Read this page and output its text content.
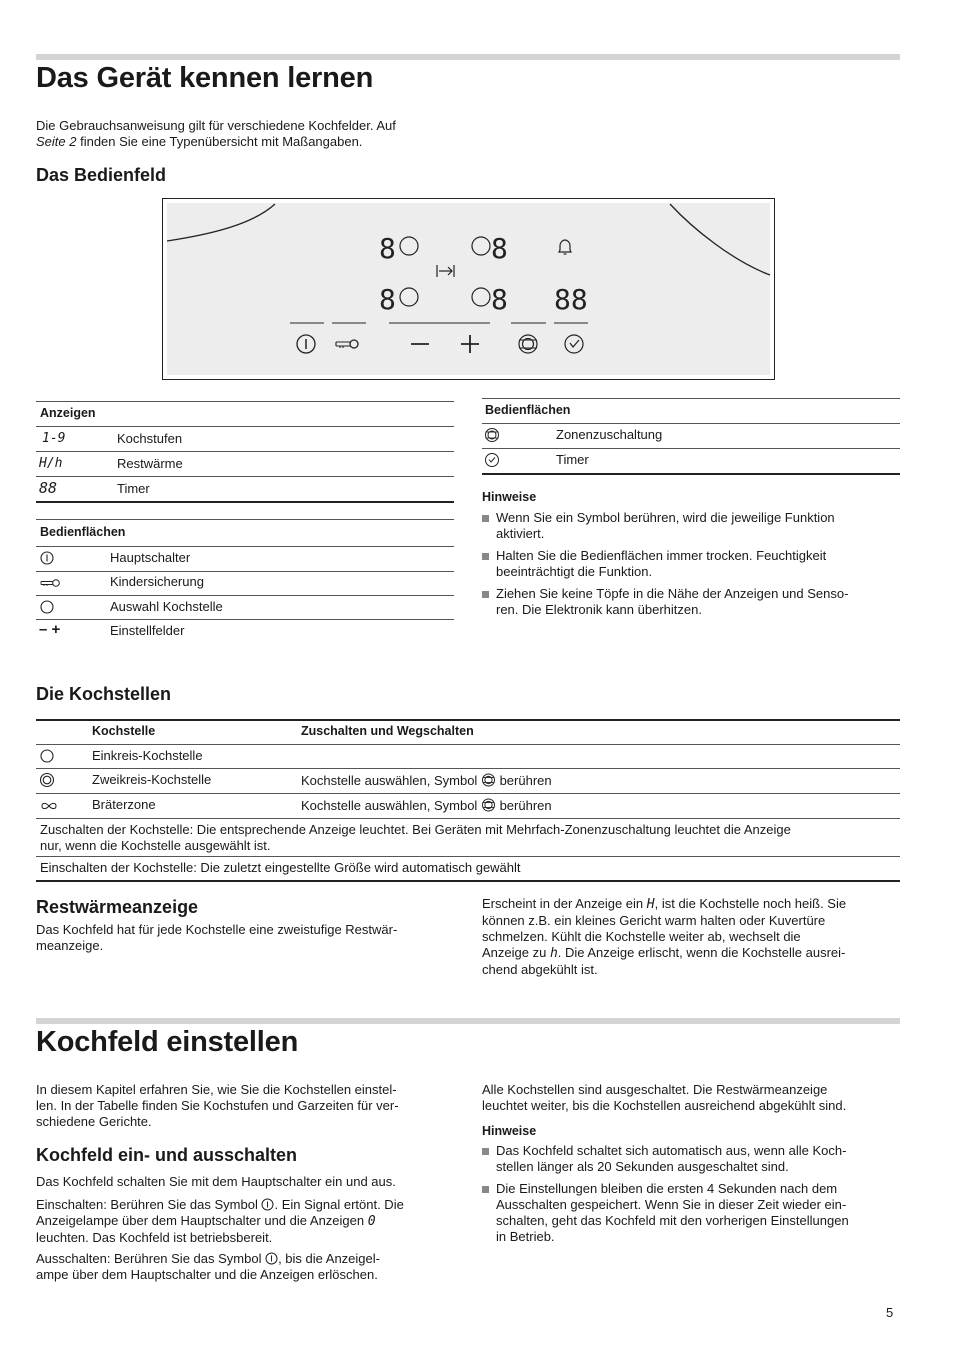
Das Gerät kennen lernen
Die Gebrauchsanweisung gilt für verschiedene Kochfelder. Auf
Seite 2 finden Sie eine Typenübersicht mit Maßangaben.
Das Bedienfeld
8	8
8	8 88
Anzeigen
1-9	Kochstufen
H/h	Restwärme
88	Timer
Bedienflächen
Hauptschalter
Kindersicherung
Auswahl Kochstelle
– +	Einstellfelder
Bedienflächen
Zonenzuschaltung
Timer
Hinweise
Wenn Sie ein Symbol berühren, wird die jeweilige Funktion
aktiviert.
Halten Sie die Bedienflächen immer trocken. Feuchtigkeit
beeinträchtigt die Funktion.
Ziehen Sie keine Töpfe in die Nähe der Anzeigen und Senso-
ren. Die Elektronik kann überhitzen.
Die Kochstellen
Kochstelle	Zuschalten und Wegschalten
Einkreis-Kochstelle
Zweikreis-Kochstelle	Kochstelle auswählen, Symbol berühren
Bräterzone	Kochstelle auswählen, Symbol berühren
Zuschalten der Kochstelle: Die entsprechende Anzeige leuchtet. Bei Geräten mit Mehrfach-Zonenzuschaltung leuchtet die Anzeige
nur, wenn die Kochstelle ausgewählt ist.
Einschalten der Kochstelle: Die zuletzt eingestellte Größe wird automatisch gewählt
Restwärmeanzeige
Das Kochfeld hat für jede Kochstelle eine zweistufige Restwär-
meanzeige.
Erscheint in der Anzeige ein H, ist die Kochstelle noch heiß. Sie
können z.B. ein kleines Gericht warm halten oder Kuvertüre
schmelzen. Kühlt die Kochstelle weiter ab, wechselt die
Anzeige zu h. Die Anzeige erlischt, wenn die Kochstelle ausrei-
chend abgekühlt ist.
Kochfeld einstellen
In diesem Kapitel erfahren Sie, wie Sie die Kochstellen einstel-
len. In der Tabelle finden Sie Kochstufen und Garzeiten für ver-
schiedene Gerichte.
Kochfeld ein- und ausschalten
Das Kochfeld schalten Sie mit dem Hauptschalter ein und aus.
Einschalten: Berühren Sie das Symbol . Ein Signal ertönt. Die
Anzeigelampe über dem Hauptschalter und die Anzeigen 0
leuchten. Das Kochfeld ist betriebsbereit.
Ausschalten: Berühren Sie das Symbol , bis die Anzeigel-
ampe über dem Hauptschalter und die Anzeigen erlöschen.
Alle Kochstellen sind ausgeschaltet. Die Restwärmeanzeige
leuchtet weiter, bis die Kochstellen ausreichend abgekühlt sind.
Hinweise
Das Kochfeld schaltet sich automatisch aus, wenn alle Koch-
stellen länger als 20 Sekunden ausgeschaltet sind.
Die Einstellungen bleiben die ersten 4 Sekunden nach dem
Ausschalten gespeichert. Wenn Sie in dieser Zeit wieder ein-
schalten, geht das Kochfeld mit den vorherigen Einstellungen
in Betrieb.
5
